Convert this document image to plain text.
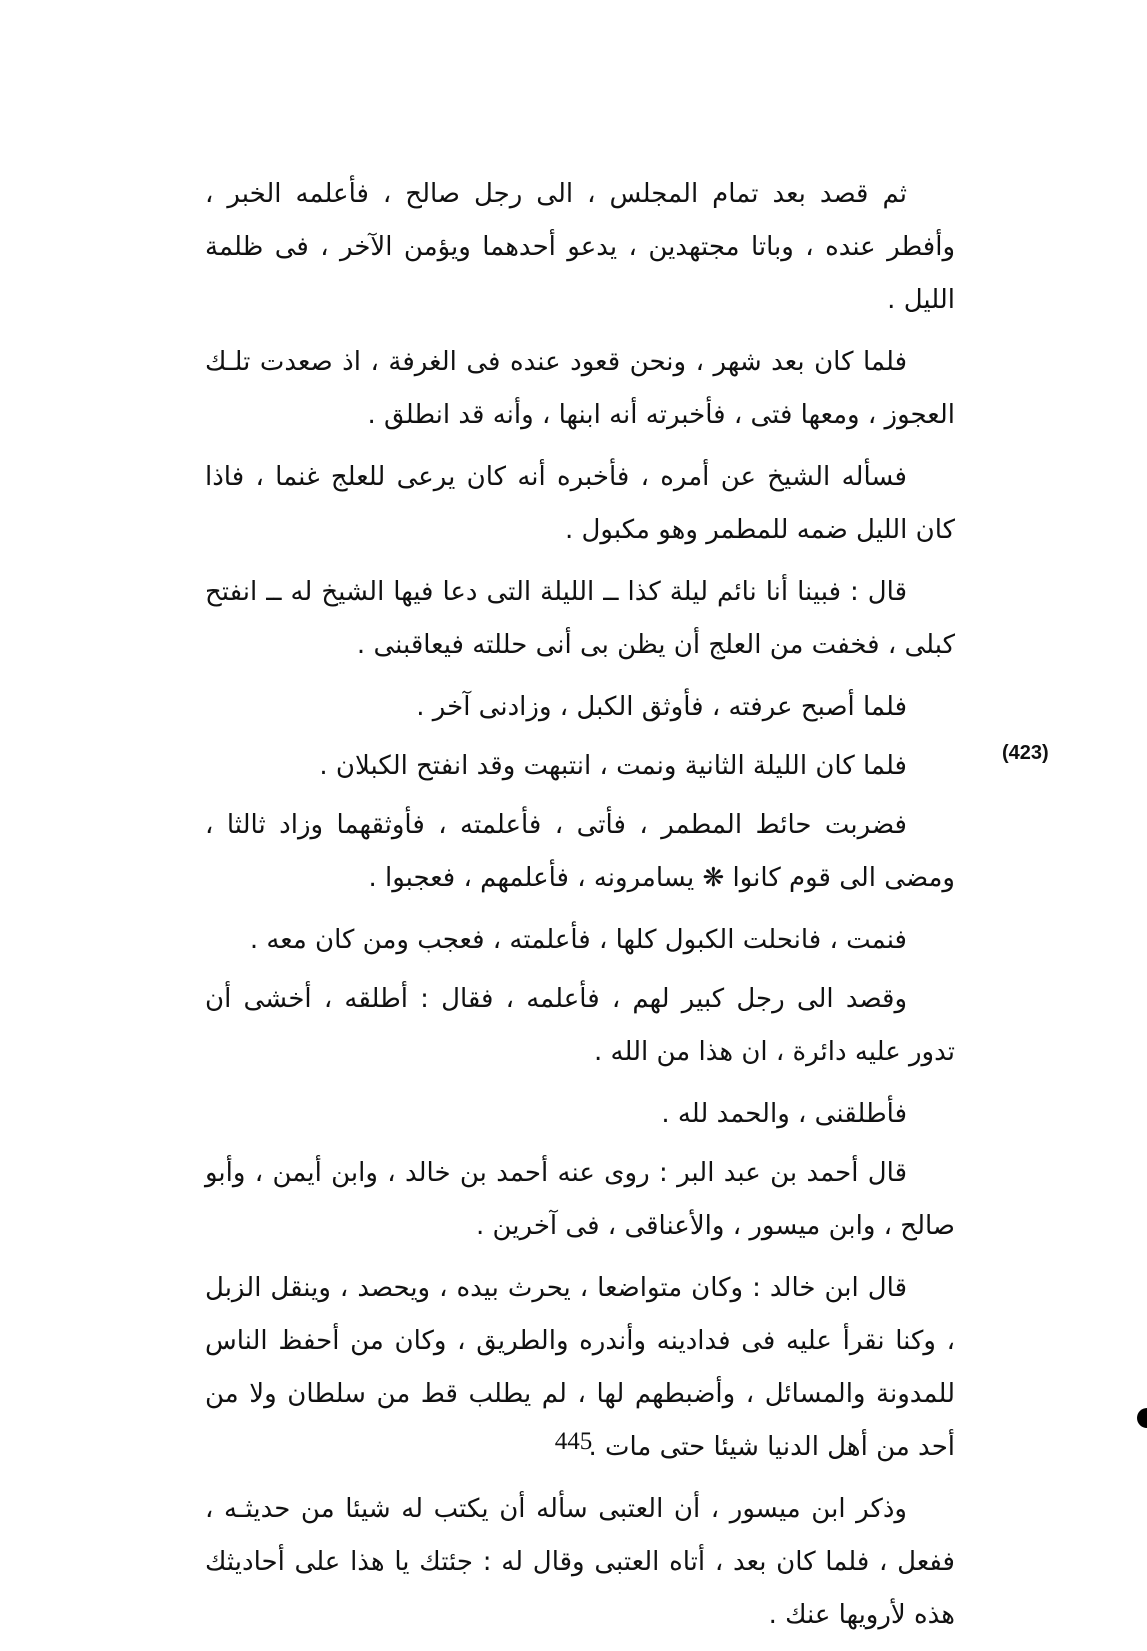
ثم قصد بعد تمام المجلس ، الى رجل صالح ، فأعلمه الخبر ، وأفطر عنده ، وباتا مجتهدين ، يدعو أحدهما ويؤمن الآخر ، فى ظلمة الليل .

فلما كان بعد شهر ، ونحن قعود عنده فى الغرفة ، اذ صعدت تلـك العجوز ، ومعها فتى ، فأخبرته أنه ابنها ، وأنه قد انطلق .

فسأله الشيخ عن أمره ، فأخبره أنه كان يرعى للعلج غنما ، فاذا كان الليل ضمه للمطمر وهو مكبول .

قال : فبينا أنا نائم ليلة كذا ــ الليلة التى دعا فيها الشيخ له ــ انفتح كبلى ، فخفت من العلج أن يظن بى أنى حللته فيعاقبنى .

فلما أصبح عرفته ، فأوثق الكبل ، وزادنى آخر .

فلما كان الليلة الثانية ونمت ، انتبهت وقد انفتح الكبلان .

فضربت حائط المطمر ، فأتى ، فأعلمته ، فأوثقهما وزاد ثالثا ، ومضى الى قوم كانوا ❋ يسامرونه ، فأعلمهم ، فعجبوا .

فنمت ، فانحلت الكبول كلها ، فأعلمته ، فعجب ومن كان معه .

وقصد الى رجل كبير لهم ، فأعلمه ، فقال : أطلقه ، أخشى أن تدور عليه دائرة ، ان هذا من الله .

فأطلقنى ، والحمد لله .

قال أحمد بن عبد البر : روى عنه أحمد بن خالد ، وابن أيمن ، وأبو صالح ، وابن ميسور ، والأعناقى ، فى آخرين .

قال ابن خالد : وكان متواضعا ، يحرث بيده ، ويحصد ، وينقل الزبل ، وكنا نقرأ عليه فى فدادينه وأندره والطريق ، وكان من أحفظ الناس للمدونة والمسائل ، وأضبطهم لها ، لم يطلب قط من سلطان ولا من أحد من أهل الدنيا شيئا حتى مات .

وذكر ابن ميسور ، أن العتبى سأله أن يكتب له شيئا من حديثـه ، ففعل ، فلما كان بعد ، أتاه العتبى وقال له : جئتك يا هذا على أحاديثك هذه لأرويها عنك .

(423)
445
